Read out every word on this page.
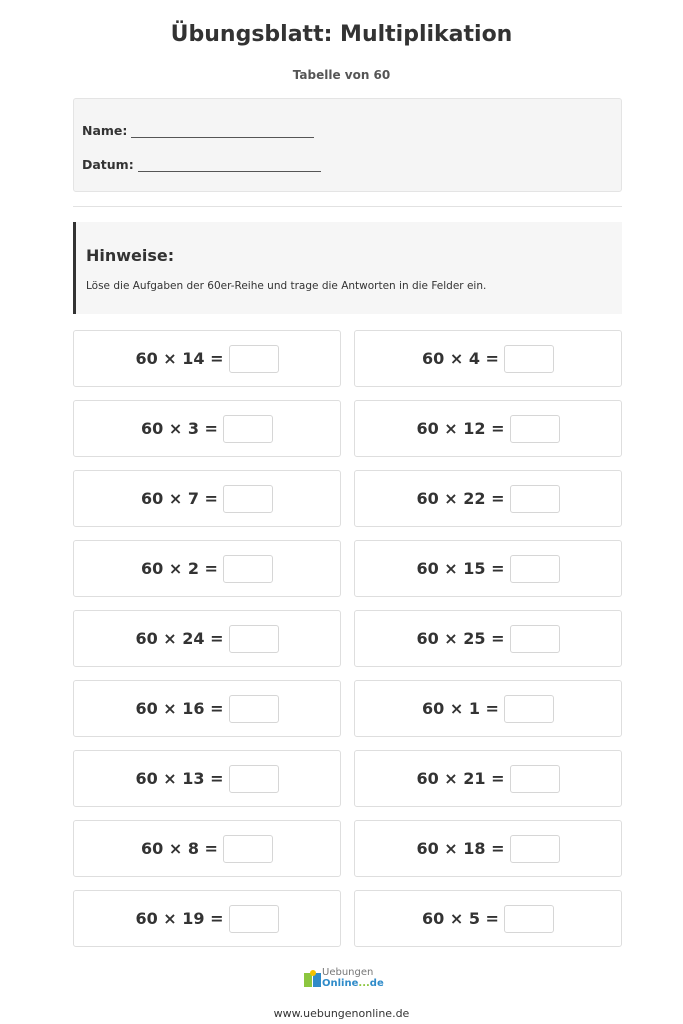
Übungsblatt: Multiplikation
Tabelle von 60
Name:
Datum:
Hinweise:
Löse die Aufgaben der 60er-Reihe und trage die Antworten in die Felder ein.
60 × 14 =	60 × 4 =
60 × 3 =	60 × 12 =
60 × 7 =	60 × 22 =
60 × 2 =	60 × 15 =
60 × 24 =	60 × 25 =
60 × 16 =	60 × 1 =
60 × 13 =	60 × 21 =
60 × 8 =	60 × 18 =
60 × 19 =	60 × 5 =
Uebungen
Online...de
www.uebungenonline.de
